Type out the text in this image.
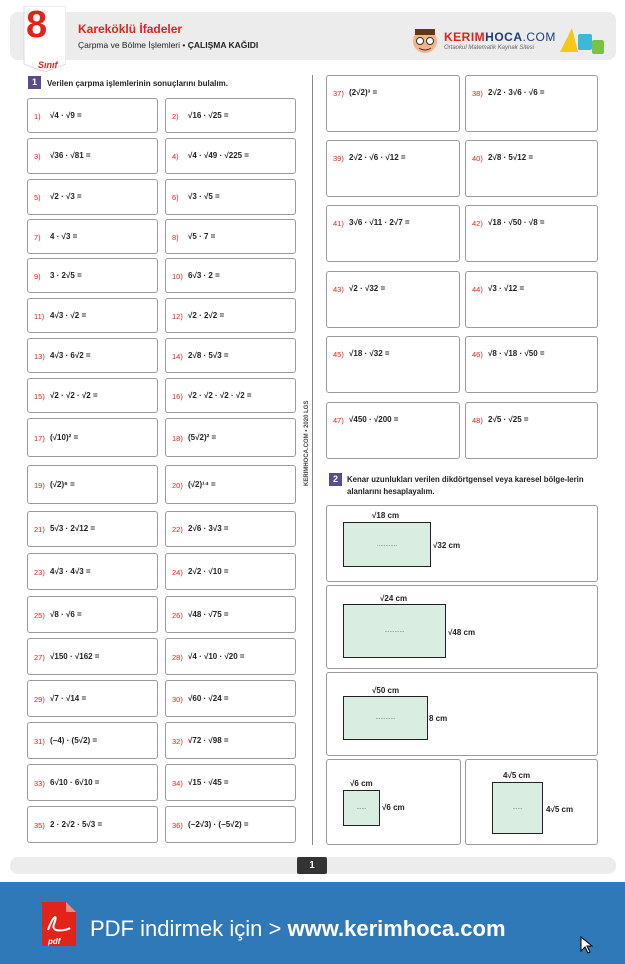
8
Sınıf
Kareköklü İfadeler
Çarpma ve Bölme İşlemleri • ÇALIŞMA KAĞIDI
KERIMHOCA.COM
Ortaokul Matematik Kaynak Sitesi
1	Verilen çarpma işlemlerinin sonuçlarını bulalım.
1) √4 · √9 =	2) √16 · √25 =
3) √36 · √81 =	4) √4 · √49 · √225 =
5) √2 · √3 =	6) √3 · √5 =
7) 4 · √3 =	8) √5 · 7 =
9) 3 · 2√5 =	10) 6√3 · 2 =
11) 4√3 · √2 =	12) √2 · 2√2 =
13) 4√3 · 6√2 =	14) 2√8 · 5√3 =
15) √2 · √2 · √2 =	16) √2 · √2 · √2 · √2 =
17) (√10)² =	18) (5√2)² =
19) (√2)⁶ =	20) (√2)¹⁴ =
21) 5√3 · 2√12 =	22) 2√6 · 3√3 =
23) 4√3 · 4√3 =	24) 2√2 · √10 =
25) √8 · √6 =	26) √48 · √75 =
27) √150 · √162 =	28) √4 · √10 · √20 =
29) √7 · √14 =	30) √60 · √24 =
31) (−4) · (5√2) =	32) √72 · √98 =
33) 6√10 · 6√10 =	34) √15 · √45 =
35) 2 · 2√2 · 5√3 =	36) (−2√3) · (−5√2) =
KERIMHOCA.COM • 2020 LGS
37) (2√2)³ =	38) 2√2 · 3√6 · √6 =
39) 2√2 · √6 · √12 =	40) 2√8 · 5√12 =
41) 3√6 · √11 · 2√7 =	42) √18 · √50 · √8 =
43) √2 · √32 =	44) √3 · √12 =
45) √18 · √32 =	46) √8 · √18 · √50 =
47) √450 · √200 =	48) 2√5 · √25 =
2	Kenar uzunlukları verilen dikdörtgensel veya karesel bölge-lerin alanlarını hesaplayalım.
√18 cm
............	√32 cm
√24 cm
............	√48 cm
√50 cm
............	8 cm
√6 cm
...... √6 cm
4√5 cm
......	4√5 cm
1
pdf
PDF indirmek için > www.kerimhoca.com
